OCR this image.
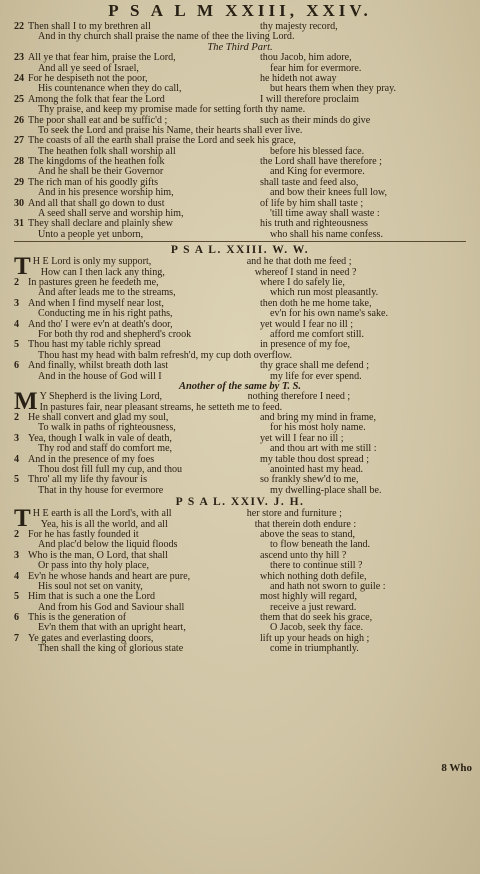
P S A L M XXIII, XXIV.
22 Then shall I to my brethren all	thy majesty record,
And in thy church shall praise the name of thee the living Lord.
The Third Part.
23 All ye that fear him, praise the Lord,	thou Jacob, him adore,
And all ye seed of Israel,	fear him for evermore.
24 For he despiseth not the poor,	he hideth not away
His countenance when they do call,	but hears them when they pray.
25 Among the folk that fear the Lord	I will therefore proclaim
Thy praise, and keep my promise made for setting forth thy name.
26 The poor shall eat and be suffic'd ;	such as their minds do give
To seek the Lord and praise his Name, their hearts shall ever live.
27 The coasts of all the earth shall praise the Lord and seek his grace,
The heathen folk shall worship all	before his blessed face.
28 The kingdoms of the heathen folk	the Lord shall have therefore ;
And he shall be their Governor	and King for evermore.
29 The rich man of his goodly gifts	shall taste and feed also,
And in his presence worship him,	and bow their knees full low,
30 And all that shall go down to dust	of life by him shall taste ;
A seed shall serve and worship him,	'till time away shall waste :
31 They shall declare and plainly shew	his truth and righteousness
Unto a people yet unborn,	who shall his name confess.
P S A L. XXIII. W. W.
T H E Lord is only my support,	and he that doth me feed ;
How can I then lack any thing,	whereof I stand in need ?
2 In pastures green he feedeth me,	where I do safely lie,
And after leads me to the streams,	which run most pleasantly.
3 And when I find myself near lost,	then doth he me home take,
Conducting me in his right paths,	ev'n for his own name's sake.
4 And tho' I were ev'n at death's door,	yet would I fear no ill ;
For both thy rod and shepherd's crook	afford me comfort still.
5 Thou hast my table richly spread	in presence of my foe,
Thou hast my head with balm refresh'd, my cup doth overflow.
6 And finally, whilst breath doth last	thy grace shall me defend ;
And in the house of God will I	my life for ever spend.
Another of the same by T. S.
M Y Shepherd is the living Lord,	nothing therefore I need ;
In pastures fair, near pleasant streams, he setteth me to feed.
2 He shall convert and glad my soul,	and bring my mind in frame,
To walk in paths of righteousness,	for his most holy name.
3 Yea, though I walk in vale of death,	yet will I fear no ill ;
Thy rod and staff do comfort me,	and thou art with me still :
4 And in the presence of my foes	my table thou dost spread ;
Thou dost fill full my cup, and thou	anointed hast my head.
5 Thro' all my life thy favour is	so frankly shew'd to me,
That in thy house for evermore	my dwelling-place shall be.
P S A L. XXIV. J. H.
T H E earth is all the Lord's, with all	her store and furniture ;
Yea, his is all the world, and all	that therein doth endure :
2 For he has fastly founded it	above the seas to stand,
And plac'd below the liquid floods	to flow beneath the land.
3 Who is the man, O Lord, that shall	ascend unto thy hill ?
Or pass into thy holy place,	there to continue still ?
4 Ev'n he whose hands and heart are pure,	which nothing doth defile,
His soul not set on vanity,	and hath not sworn to guile :
5 Him that is such a one the Lord	most highly will regard,
And from his God and Saviour shall	receive a just reward.
6 This is the generation of	them that do seek his grace,
Ev'n them that with an upright heart,	O Jacob, seek thy face.
7 Ye gates and everlasting doors,	lift up your heads on high ;
Then shall the king of glorious state	come in triumphantly.
8 Who
